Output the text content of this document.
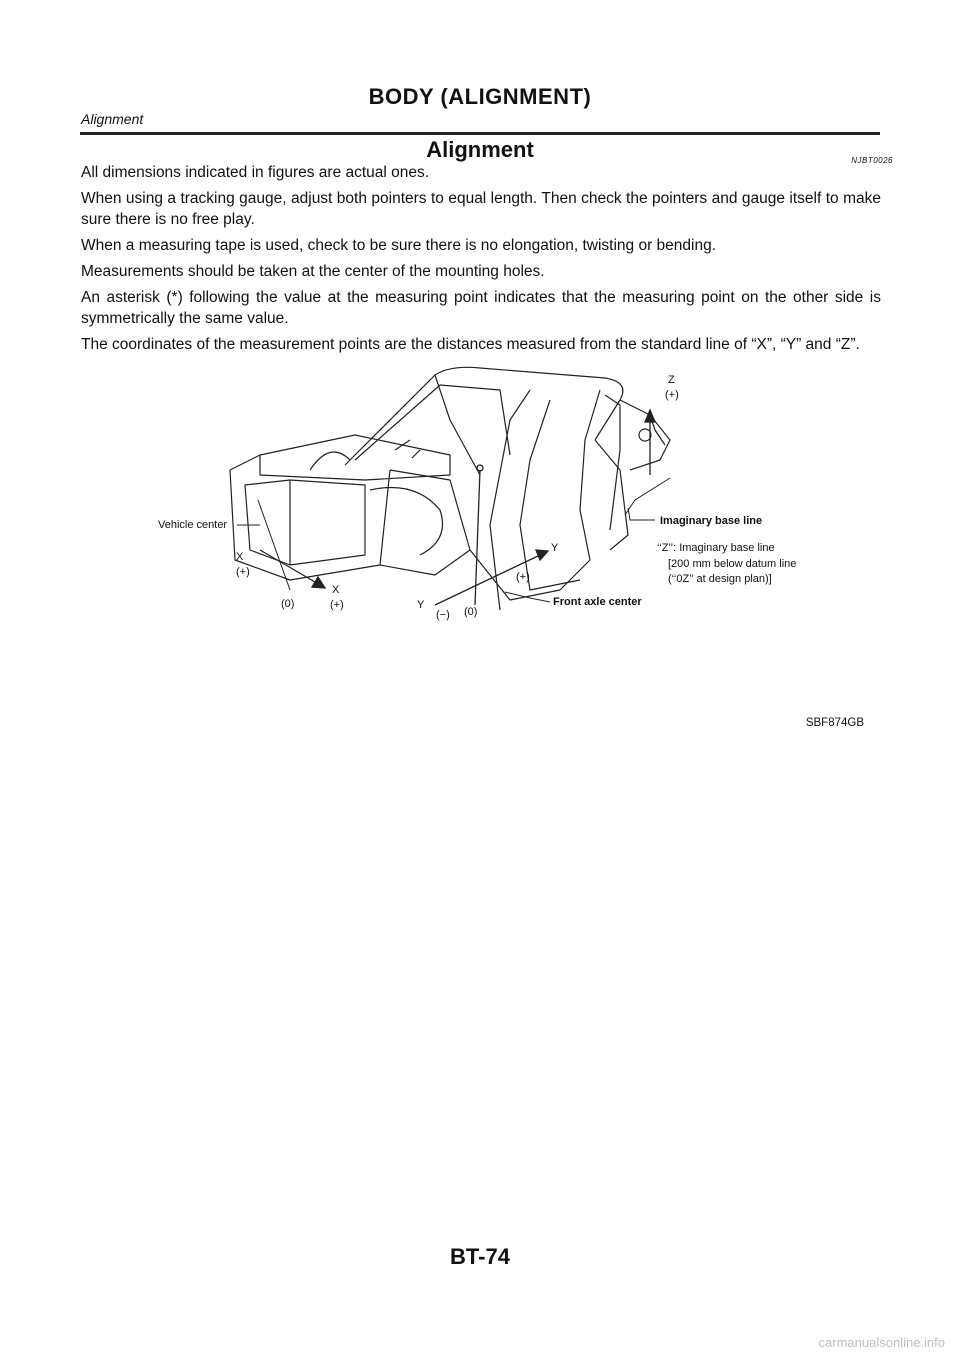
BODY (ALIGNMENT)
Alignment
Alignment	NJBT0026

All dimensions indicated in figures are actual ones.

When using a tracking gauge, adjust both pointers to equal length. Then check the pointers and gauge itself to make sure there is no free play.

When a measuring tape is used, check to be sure there is no elongation, twisting or bending.

Measurements should be taken at the center of the mounting holes.

An asterisk (*) following the value at the measuring point indicates that the measuring point on the other side is symmetrically the same value.

The coordinates of the measurement points are the distances measured from the standard line of “X”, “Y” and “Z”.

Z
(+)
Imaginary base line
‘‘Z’’: Imaginary base line
[200 mm below datum line
(‘‘0Z’’ at design plan)]
Vehicle center
X
(+)
(0)
X
(+)
Y
(+)
Y
(−) (0)
Front axle center
SBF874GB
BT-74
carmanualsonline.info
